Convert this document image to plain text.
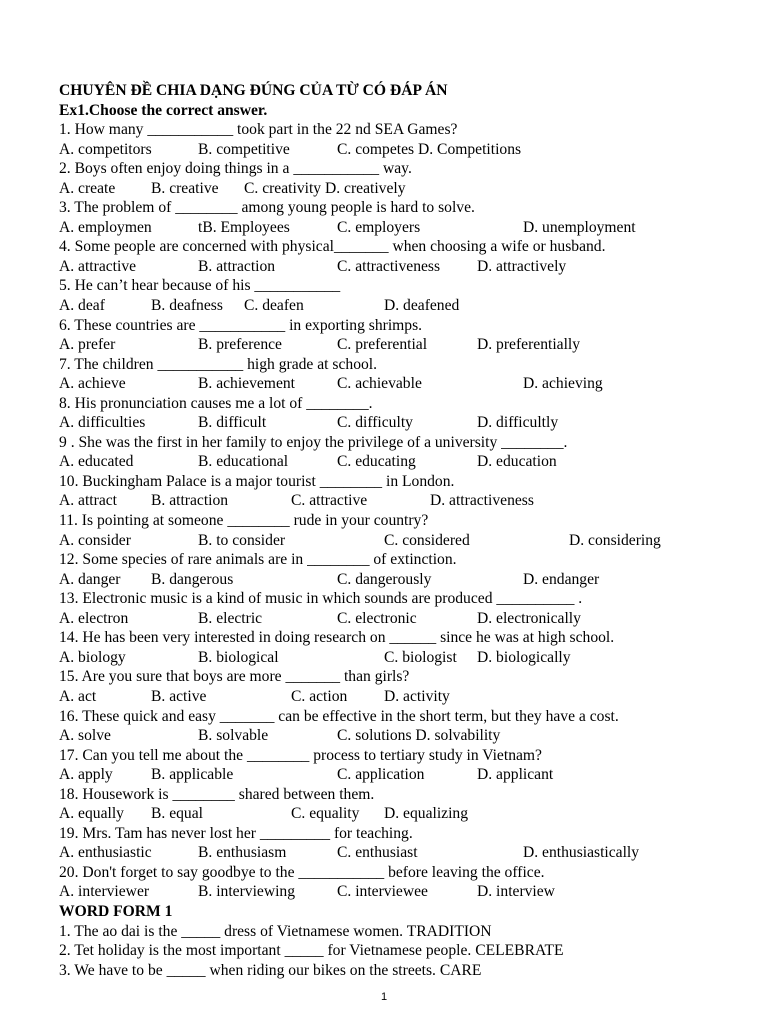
CHUYÊN ĐỀ CHIA DẠNG ĐÚNG CỦA TỪ CÓ ĐÁP ÁN
Ex1.Choose the correct answer.
1. How many ___________ took part in the 22 nd SEA Games?
A. competitors	B. competitive	C. competes D. Competitions
2. Boys often enjoy doing things in a ___________ way.
A. create B. creative C. creativity D. creatively
3. The problem of ________ among young people is hard to solve.
A. employmen	tB. Employees	C. employers	D. unemployment
4. Some people are concerned with physical_______ when choosing a wife or husband.
A. attractive	B. attraction	C. attractiveness D. attractively
5. He can’t hear because of his ___________
A. deaf	B. deafness C. deafen	D. deafened
6. These countries are ___________ in exporting shrimps.
A. prefer	B. preference	C. preferential	D. preferentially
7. The children ___________ high grade at school.
A. achieve	B. achievement	C. achievable	D. achieving
8. His pronunciation causes me a lot of ________.
A. difficulties	B. difficult	C. difficulty	D. difficultly
9 . She was the first in her family to enjoy the privilege of a university ________.
A. educated	B. educational	C. educating	D. education
10. Buckingham Palace is a major tourist ________ in London.
A. attract B. attraction	C. attractive	D. attractiveness
11. Is pointing at someone ________ rude in your country?
A. consider	B. to consider	C. considered	D. considering
12. Some species of rare animals are in ________ of extinction.
A. danger B. dangerous	C. dangerously	D. endanger
13. Electronic music is a kind of music in which sounds are produced __________ .
A. electron	B. electric	C. electronic	D. electronically
14. He has been very interested in doing research on ______ since he was at high school.
A. biology	B. biological	C. biologist D. biologically
15. Are you sure that boys are more _______ than girls?
A. act	B. active	C. action D. activity
16. These quick and easy _______ can be effective in the short term, but they have a cost.
A. solve	B. solvable	C. solutions D. solvability
17. Can you tell me about the ________ process to tertiary study in Vietnam?
A. apply B. applicable	C. application	D. applicant
18. Housework is ________ shared between them.
A. equally B. equal	C. equality D. equalizing
19. Mrs. Tam has never lost her _________ for teaching.
A. enthusiastic	B. enthusiasm	C. enthusiast	D. enthusiastically
20. Don't forget to say goodbye to the ___________ before leaving the office.
A. interviewer	B. interviewing	C. interviewee	D. interview
WORD FORM 1
1. The ao dai is the _____ dress of Vietnamese women. TRADITION
2. Tet holiday is the most important _____ for Vietnamese people. CELEBRATE
3. We have to be _____ when riding our bikes on the streets. CARE
1
